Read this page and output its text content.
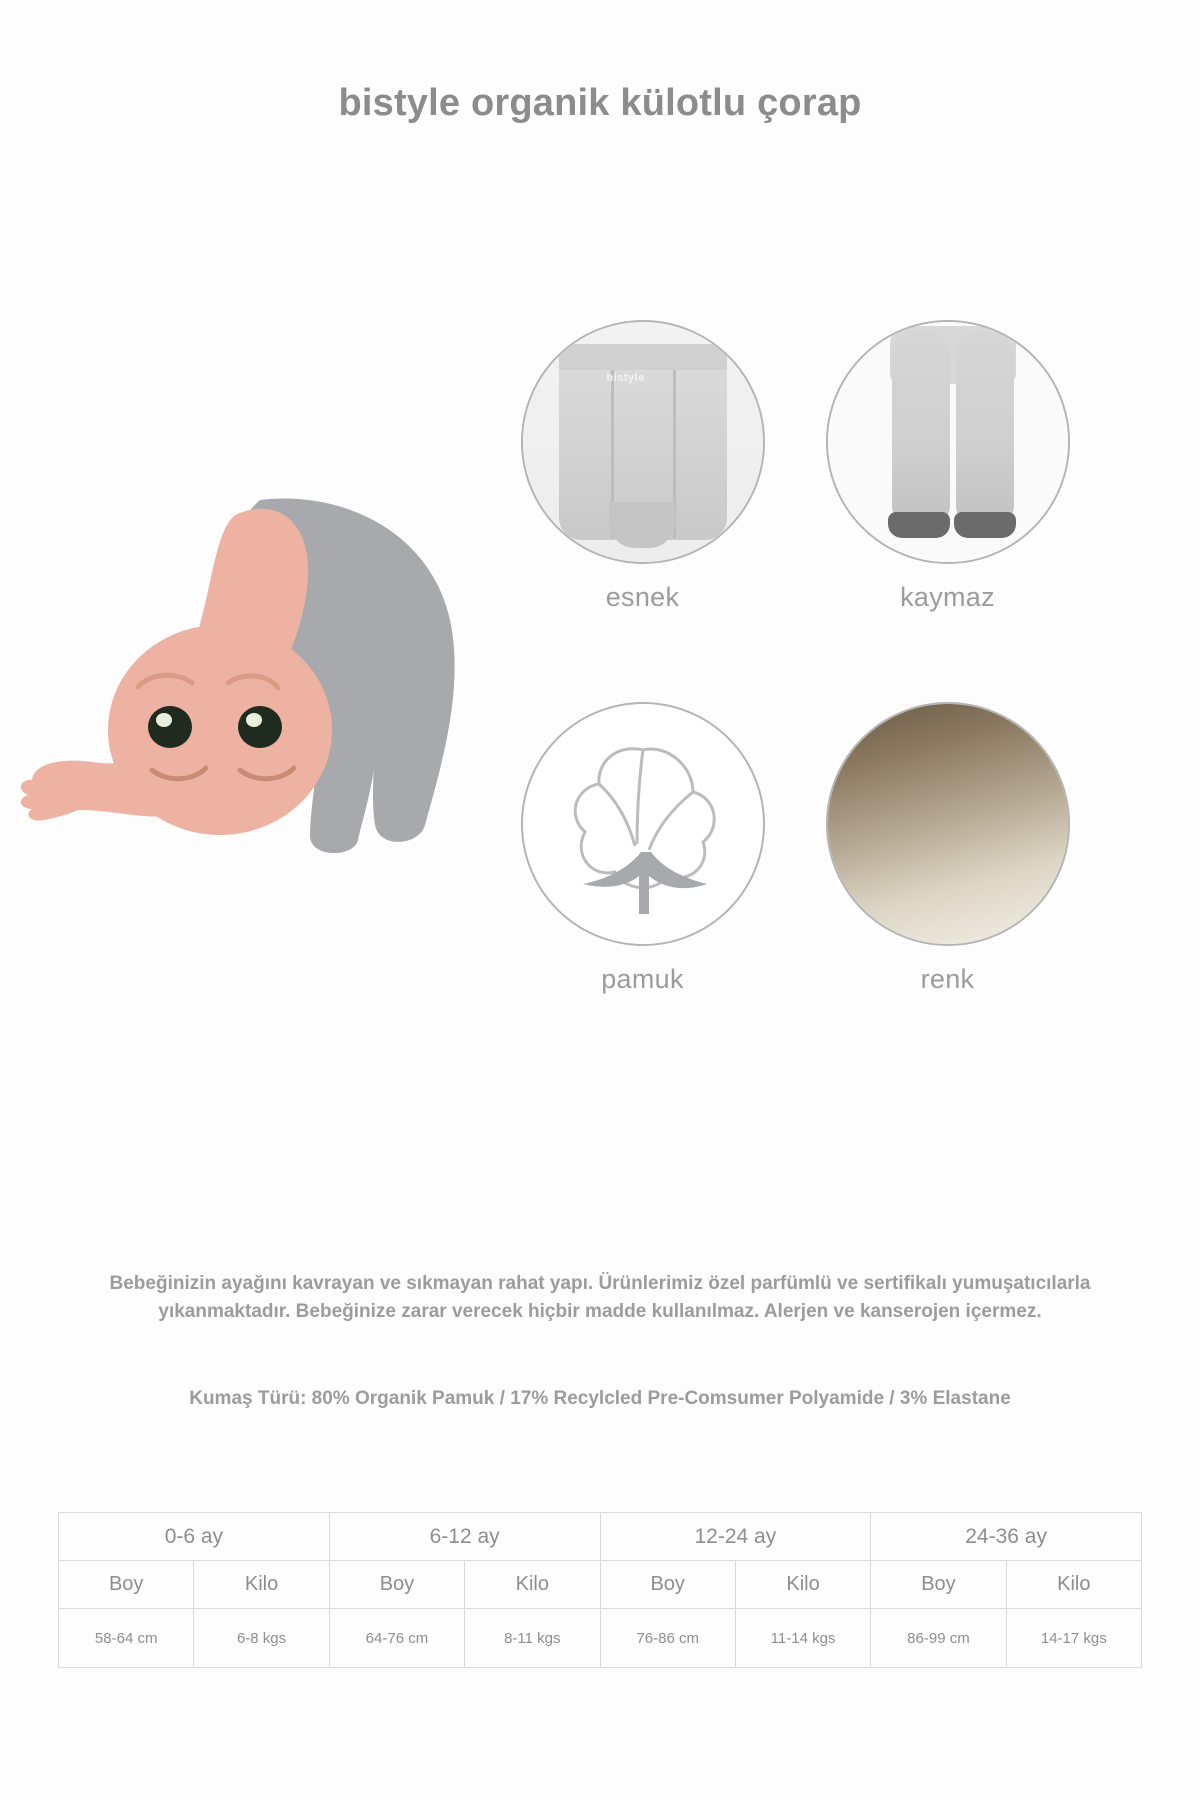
bistyle organik külotlu çorap
bistyle
esnek	kaymaz
pamuk	renk
Bebeğinizin ayağını kavrayan ve sıkmayan rahat yapı. Ürünlerimiz özel parfümlü ve sertifikalı yumuşatıcılarla yıkanmaktadır. Bebeğinize zarar verecek hiçbir madde kullanılmaz. Alerjen ve kanserojen içermez.
Kumaş Türü: 80% Organik Pamuk / 17% Recylcled Pre-Comsumer Polyamide / 3% Elastane
0-6 ay		6-12 ay		12-24 ay		24-36 ay	
Boy	Kilo	Boy	Kilo	Boy	Kilo	Boy	Kilo
58-64 cm	6-8 kgs	64-76 cm	8-11 kgs	76-86 cm	11-14 kgs	86-99 cm	14-17 kgs
